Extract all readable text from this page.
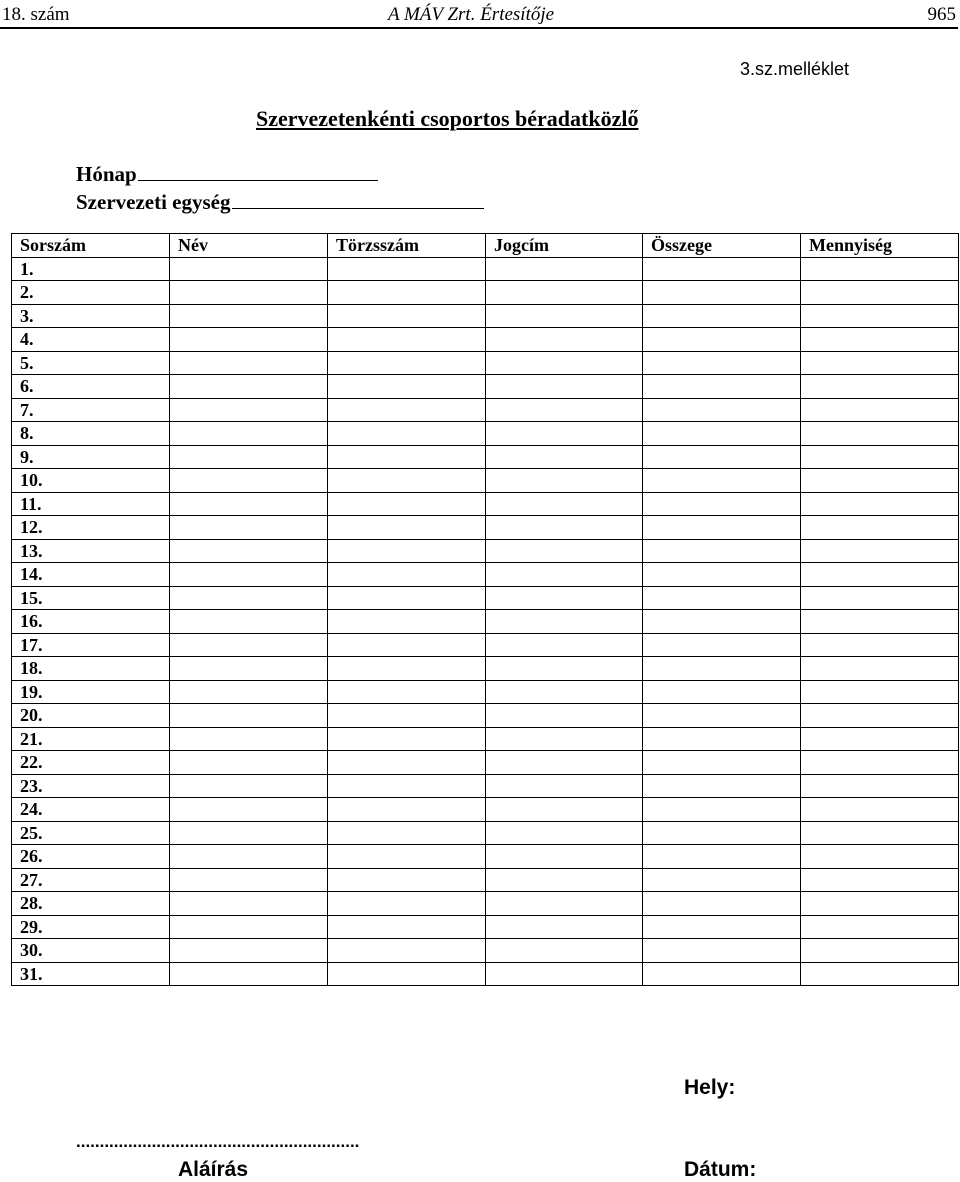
18. szám	A MÁV Zrt. Értesítője	965
3.sz.melléklet
Szervezetenkénti csoportos béradatközlő
Hónap
Szervezeti egység
Sorszám	Név	Törzsszám	Jogcím	Összege	Mennyiség
1.					
2.					
3.					
4.					
5.					
6.					
7.					
8.					
9.					
10.					
11.					
12.					
13.					
14.					
15.					
16.					
17.					
18.					
19.					
20.					
21.					
22.					
23.					
24.					
25.					
26.					
27.					
28.					
29.					
30.					
31.					
Hely:
............................................................
Aláírás	Dátum:
